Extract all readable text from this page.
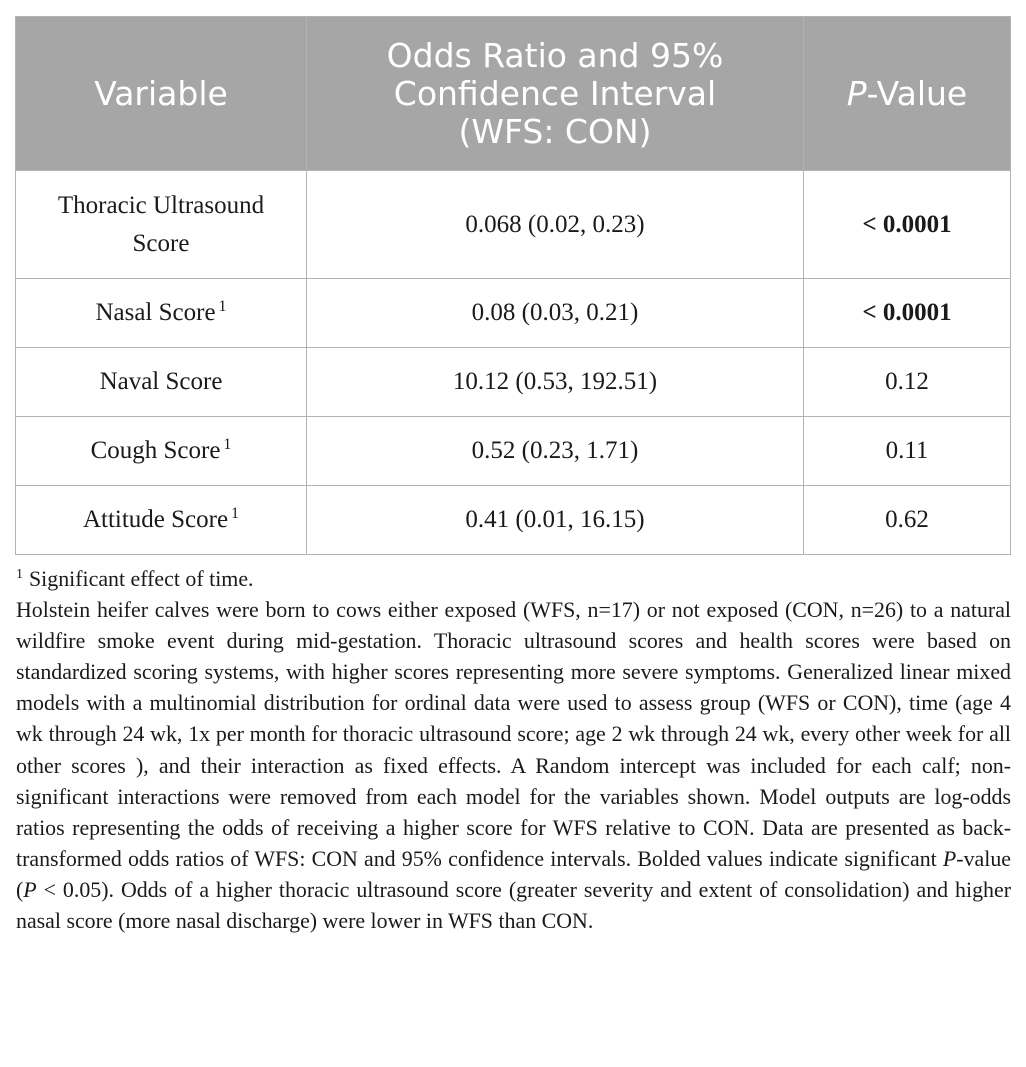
Variable	Odds Ratio and 95% Confidence Interval (WFS: CON)	P-Value
Thoracic Ultrasound Score	0.068 (0.02, 0.23)	< 0.0001
Nasal Score $^1$	0.08 (0.03, 0.21)	< 0.0001
Naval Score	10.12 (0.53, 192.51)	0.12
Cough Score $^1$	0.52 (0.23, 1.71)	0.11
Attitude Score $^1$	0.41 (0.01, 16.15)	0.62

$^1$ Significant effect of time.

Holstein heifer calves were born to cows either exposed (WFS, n=17) or not exposed (CON, n=26) to a natural wildfire smoke event during mid-gestation. Thoracic ultrasound scores and health scores were based on standardized scoring systems, with higher scores representing more severe symptoms. Generalized linear mixed models with a multinomial distribution for ordinal data were used to assess group (WFS or CON), time (age 4 wk through 24 wk, 1x per month for thoracic ultrasound score; age 2 wk through 24 wk, every other week for all other scores ), and their interaction as fixed effects. A Random intercept was included for each calf; non-significant interactions were removed from each model for the variables shown. Model outputs are log-odds ratios representing the odds of receiving a higher score for WFS relative to CON. Data are presented as back-transformed odds ratios of WFS: CON and 95% confidence intervals. Bolded values indicate significant P-value (P < 0.05). Odds of a higher thoracic ultrasound score (greater severity and extent of consolidation) and higher nasal score (more nasal discharge) were lower in WFS than CON.
